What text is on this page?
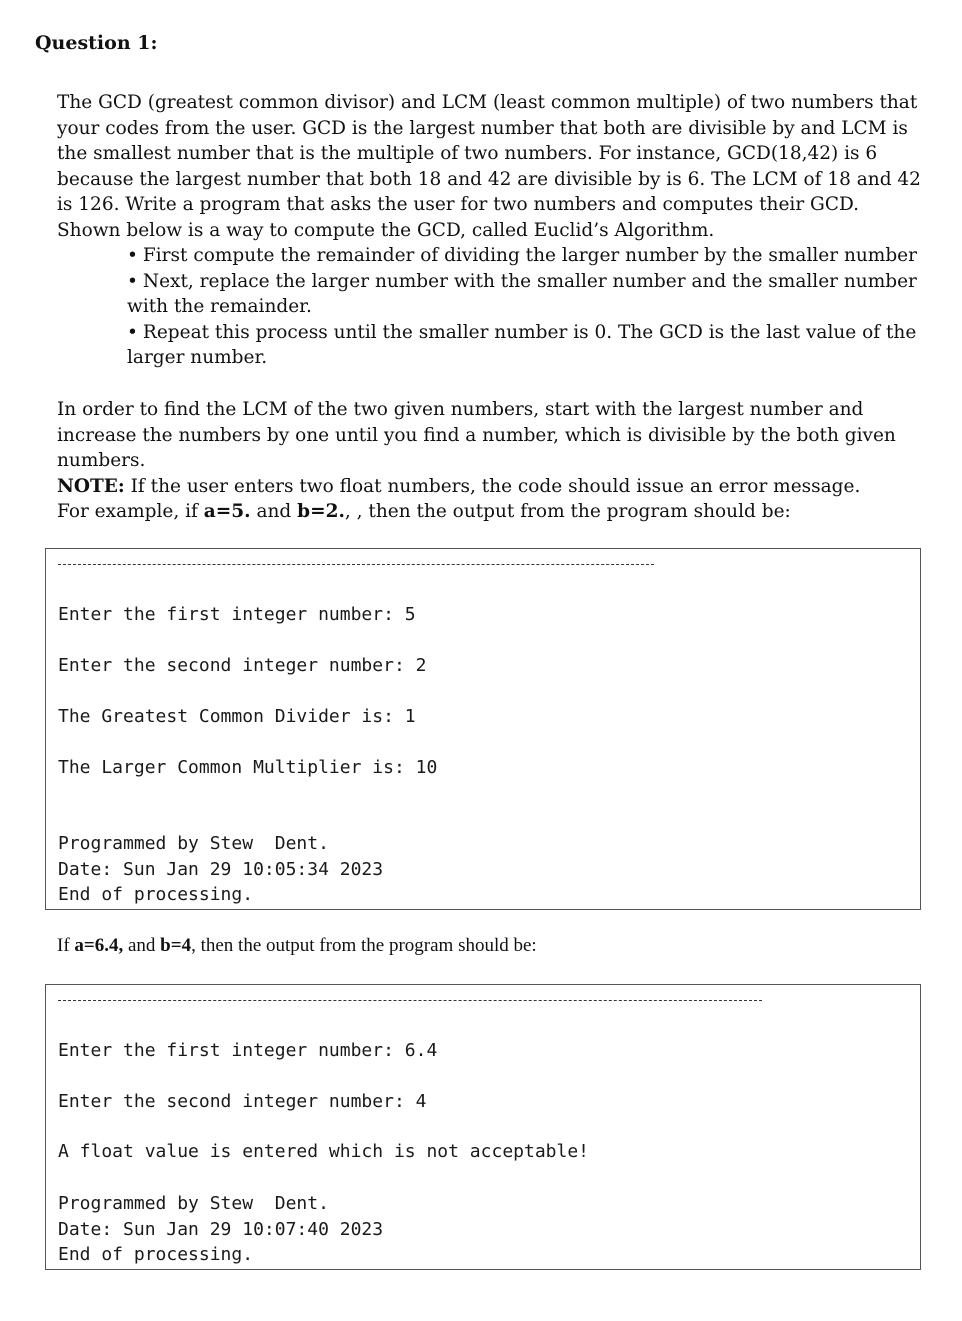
Question 1:
The GCD (greatest common divisor) and LCM (least common multiple) of two numbers that
your codes from the user. GCD is the largest number that both are divisible by and LCM is
the smallest number that is the multiple of two numbers. For instance, GCD(18,42) is 6
because the largest number that both 18 and 42 are divisible by is 6. The LCM of 18 and 42
is 126. Write a program that asks the user for two numbers and computes their GCD.
Shown below is a way to compute the GCD, called Euclid’s Algorithm.
• First compute the remainder of dividing the larger number by the smaller number
• Next, replace the larger number with the smaller number and the smaller number
with the remainder.
• Repeat this process until the smaller number is 0. The GCD is the last value of the
larger number.

In order to find the LCM of the two given numbers, start with the largest number and

increase the numbers by one until you find a number, which is divisible by the both given

numbers.

NOTE: If the user enters two float numbers, the code should issue an error message.

For example, if a=5. and b=2., , then the output from the program should be:

Enter the first integer number: 5
Enter the second integer number: 2
The Greatest Common Divider is: 1
The Larger Common Multiplier is: 10
Programmed by Stew  Dent.
Date: Sun Jan 29 10:05:34 2023
End of processing.
If a=6.4, and b=4, then the output from the program should be:
Enter the first integer number: 6.4
Enter the second integer number: 4
A float value is entered which is not acceptable!
Programmed by Stew  Dent.
Date: Sun Jan 29 10:07:40 2023
End of processing.
